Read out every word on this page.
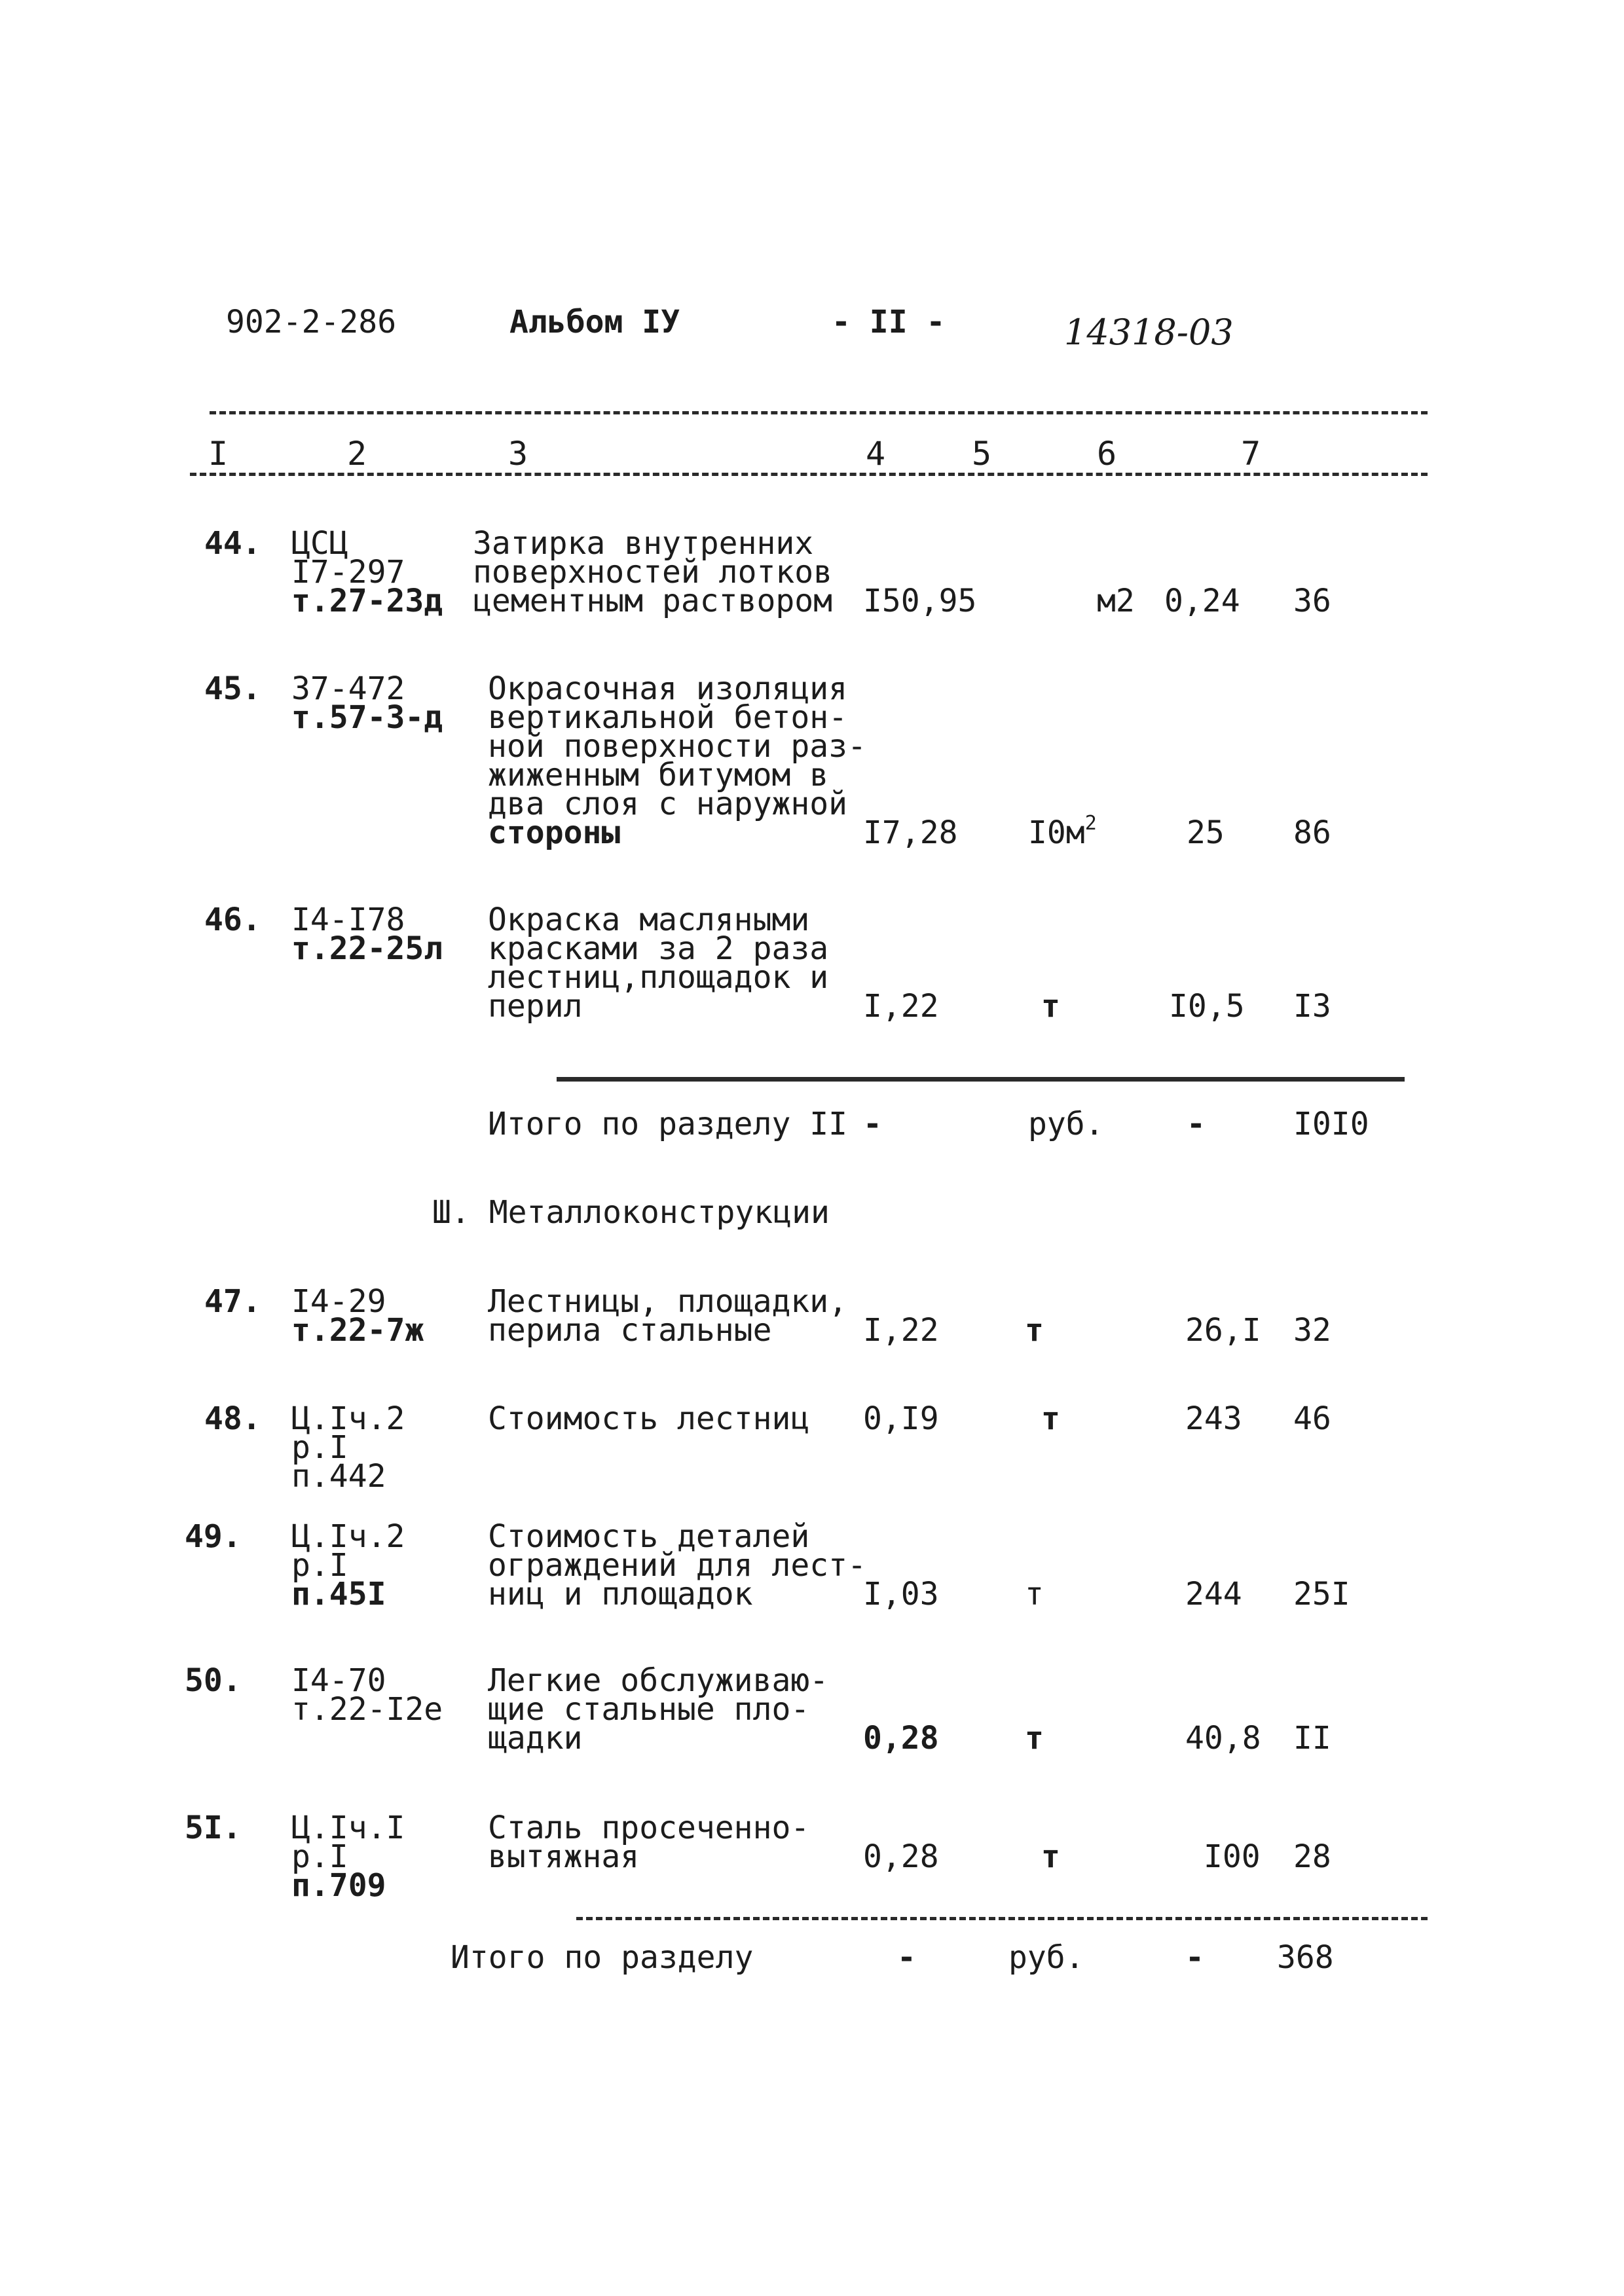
902-2-286	Альбом IУ	- II -	14318-03
I	2	3	4	5	6	7
44. ЦСЦ
I7-297
т.27-23д
Затирка внутренних
поверхностей лотков
цементным раствором I50,95	м2 0,24 36
45. 37-472
т.57-3-д
Окрасочная изоляция
вертикальной бетон-
ной поверхности раз-
жиженным битумом в
два слоя с наружной
стороны	I7,28 $I0м^2$	25 86
46. I4-I78
т.22-25л
Окраска масляными
красками за 2 раза
лестниц,площадок и
перил	I,22	т	I0,5 I3
Итого по разделу II -	руб.	-	I0I0
Ш. Металлоконструкции
47. I4-29
т.22-7ж
Лестницы, площадки,
перила стальные	I,22	т	26,I 32
48. Ц.Iч.2
р.I
п.442
Стоимость лестниц 0,I9	т	243 46
49. Ц.Iч.2
р.I
п.45I
Стоимость деталей
ограждений для лест-
ниц и площадок	I,03	т	244 25I
50. I4-70
т.22-I2е
Легкие обслуживаю-
щие стальные пло-
щадки	0,28	т	40,8 II
5I. Ц.Iч.I
р.I
п.709
Сталь просеченно-
вытяжная	0,28	т	I00 28
Итого по разделу	-	руб.	- 368
